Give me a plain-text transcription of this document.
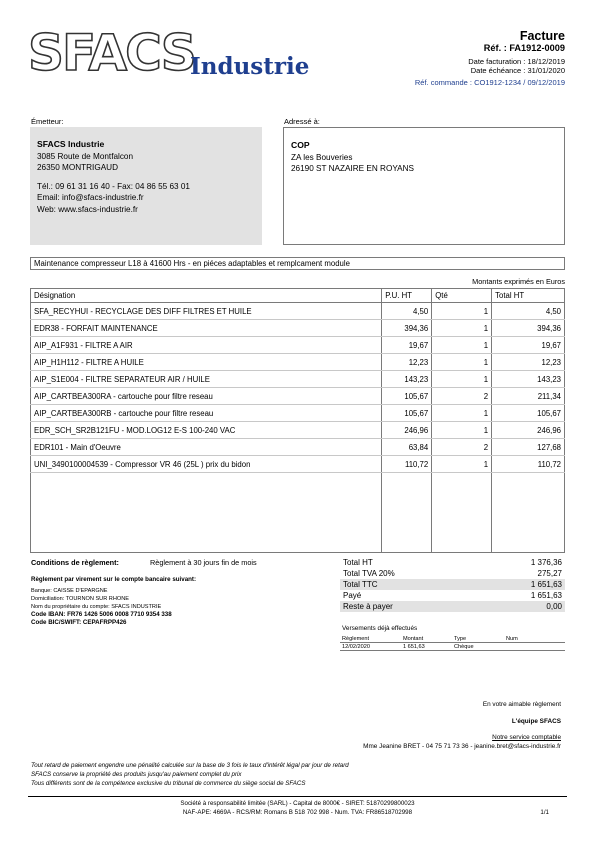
SFACS
Industrie
Facture
Réf. : FA1912-0009
Date facturation : 18/12/2019
Date échéance : 31/01/2020
Réf. commande : CO1912-1234 / 09/12/2019
Émetteur:	Adressé à:
SFACS Industrie
3085 Route de Montfalcon
26350 MONTRIGAUD
Tél.: 09 61 31 16 40 - Fax: 04 86 55 63 01
Email: info@sfacs-industrie.fr
Web: www.sfacs-industrie.fr
COP
ZA les Bouveries
26190 ST NAZAIRE EN ROYANS
Maintenance compresseur L18 à 41600 Hrs - en piéces adaptables et remplcament module
Montants exprimés en Euros
Désignation	P.U. HT	Qté	Total HT
SFA_RECYHUI - RECYCLAGE DES DIFF FILTRES ET HUILE	4,50	1	4,50
EDR38 - FORFAIT MAINTENANCE	394,36	1	394,36
AIP_A1F931 - FILTRE A AIR	19,67	1	19,67
AIP_H1H112 - FILTRE A HUILE	12,23	1	12,23
AIP_S1E004 - FILTRE SEPARATEUR AIR / HUILE	143,23	1	143,23
AIP_CARTBEA300RA - cartouche pour filtre reseau	105,67	2	211,34
AIP_CARTBEA300RB - cartouche pour filtre reseau	105,67	1	105,67
EDR_SCH_SR2B121FU - MOD.LOG12 E-S 100-240 VAC	246,96	1	246,96
EDR101 - Main d'Oeuvre	63,84	2	127,68
UNI_3490100004539 - Compressor VR 46 (25L ) prix du bidon	110,72	1	110,72

Conditions de règlement:	Règlement à 30 jours fin de mois
Règlement par virement sur le compte bancaire suivant:
Banque: CAISSE D'EPARGNE
Domiciliation: TOURNON SUR RHONE
Nom du propriétaire du compte: SFACS INDUSTRIE
Code IBAN: FR76 1426 5006 0008 7710 9354 338
Code BIC/SWIFT: CEPAFRPP426
Total HT	1 376,36
Total TVA 20%	275,27
Total TTC	1 651,63
Payé	1 651,63
Reste à payer	0,00
Versements déjà effectués
Règlement	Montant	Type	Num
12/02/2020	1 651,63	Chèque
En votre aimable règlement
L'équipe SFACS
Notre service comptable
Mme Jeanine BRET - 04 75 71 73 36 - jeanine.bret@sfacs-industrie.fr
Tout retard de paiement engendre une pénalité calculée sur la base de 3 fois le taux d'intérêt légal par jour de retard
SFACS conserve la propriété des produits jusqu'au paiement complet du prix
Tous différents sont de la compétence exclusive du tribunal de commerce du siège social de SFACS
Société à responsabilité limitée (SARL) - Capital de 8000€ - SIRET: 51870299800023
NAF-APE: 4669A - RCS/RM: Romans B 518 702 998 - Num. TVA: FR86518702998	1/1
